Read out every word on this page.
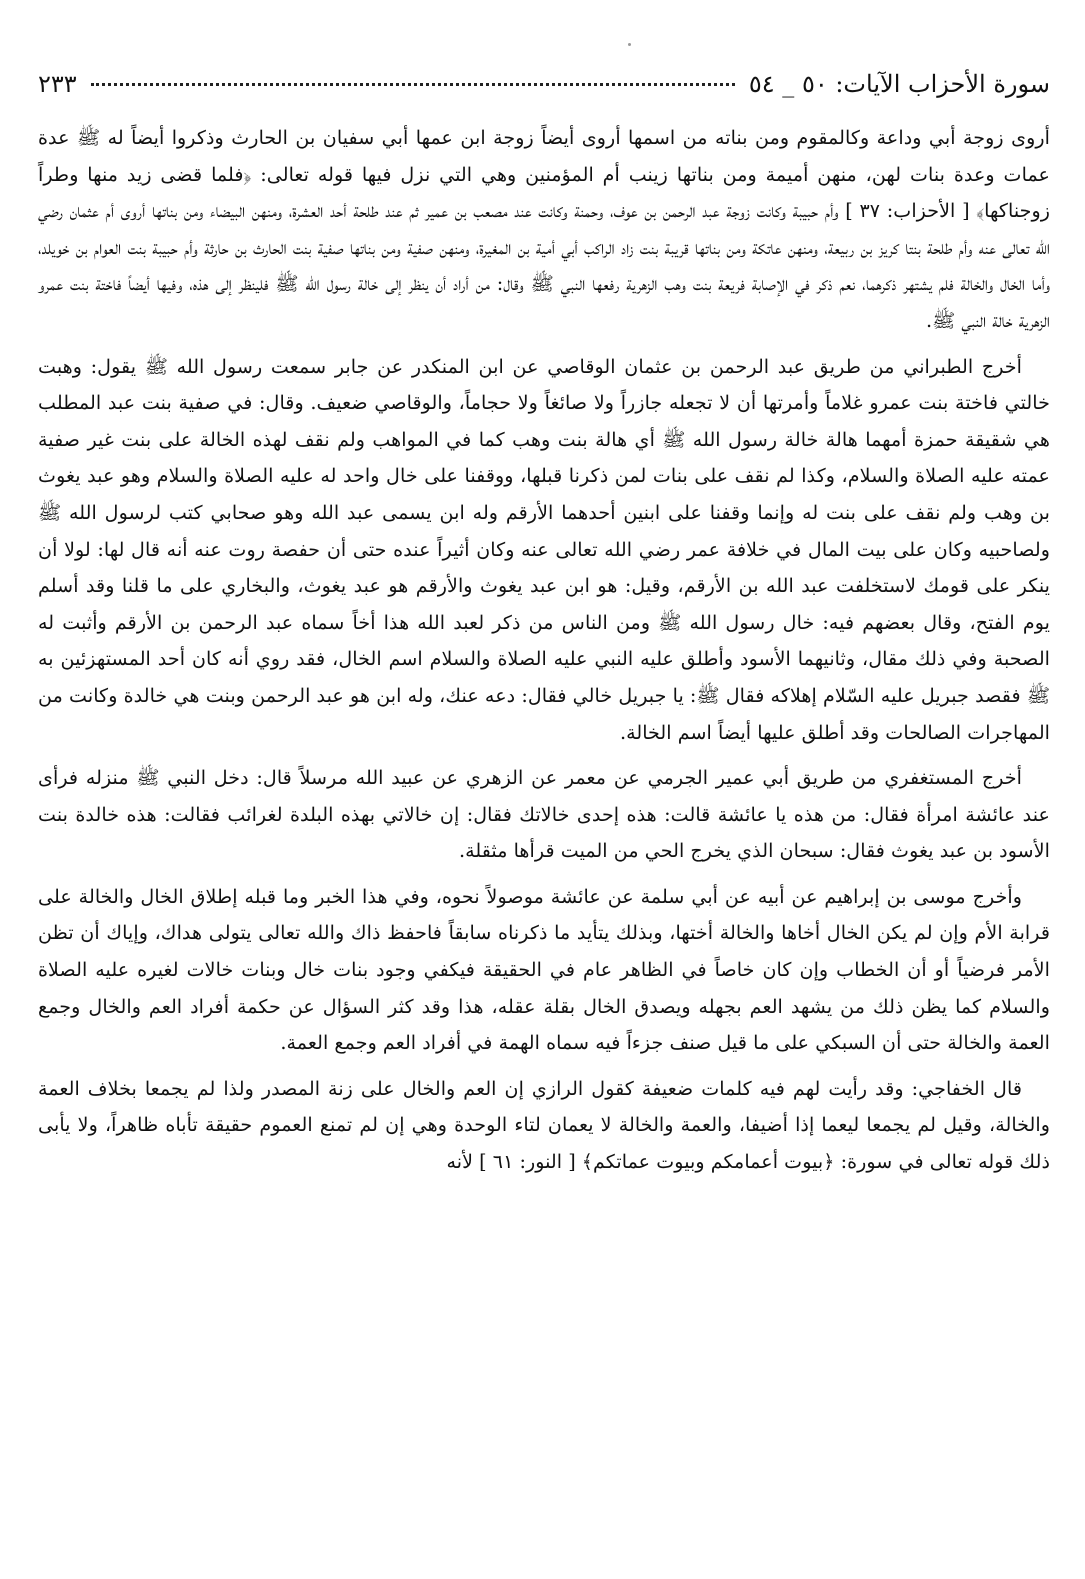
سورة الأحزاب الآيات: ٥٠ _ ٥٤
٢٣٣

أروى زوجة أبي وداعة وكالمقوم ومن بناته من اسمها أروى أيضاً زوجة ابن عمها أبي سفيان بن الحارث وذكروا أيضاً له ﷺ عدة عمات وعدة بنات لهن، منهن أميمة ومن بناتها زينب أم المؤمنين وهي التي نزل فيها قوله تعالى: ﴿فلما قضى زيد منها وطراً زوجناكها﴾ [ الأحزاب: ٣٧ ] وأم حبيبة وكانت زوجة عبد الرحمن بن عوف، وحمنة وكانت عند مصعب بن عمير ثم عند طلحة أحد العشرة، ومنهن البيضاء ومن بناتها أروى أم عثمان رضي الله تعالى عنه وأم طلحة بنتا كريز بن ربيعة، ومنهن عاتكة ومن بناتها قريبة بنت زاد الراكب أبي أمية بن المغيرة، ومنهن صفية ومن بناتها صفية بنت الحارث بن حارثة وأم حبيبة بنت العوام بن خويلد، وأما الخال والخالة فلم يشتهر ذكرهما، نعم ذكر في الإصابة فريعة بنت وهب الزهرية رفعها النبي ﷺ وقال: من أراد أن ينظر إلى خالة رسول الله ﷺ فلينظر إلى هذه، وفيها أيضاً فاختة بنت عمرو الزهرية خالة النبي ﷺ.

أخرج الطبراني من طريق عبد الرحمن بن عثمان الوقاصي عن ابن المنكدر عن جابر سمعت رسول الله ﷺ يقول: وهبت خالتي فاختة بنت عمرو غلاماً وأمرتها أن لا تجعله جازراً ولا صائغاً ولا حجاماً، والوقاصي ضعيف. وقال: في صفية بنت عبد المطلب هي شقيقة حمزة أمهما هالة خالة رسول الله ﷺ أي هالة بنت وهب كما في المواهب ولم نقف لهذه الخالة على بنت غير صفية عمته عليه الصلاة والسلام، وكذا لم نقف على بنات لمن ذكرنا قبلها، ووقفنا على خال واحد له عليه الصلاة والسلام وهو عبد يغوث بن وهب ولم نقف على بنت له وإنما وقفنا على ابنين أحدهما الأرقم وله ابن يسمى عبد الله وهو صحابي كتب لرسول الله ﷺ ولصاحبيه وكان على بيت المال في خلافة عمر رضي الله تعالى عنه وكان أثيراً عنده حتى أن حفصة روت عنه أنه قال لها: لولا أن ينكر على قومك لاستخلفت عبد الله بن الأرقم، وقيل: هو ابن عبد يغوث والأرقم هو عبد يغوث، والبخاري على ما قلنا وقد أسلم يوم الفتح، وقال بعضهم فيه: خال رسول الله ﷺ ومن الناس من ذكر لعبد الله هذا أخاً سماه عبد الرحمن بن الأرقم وأثبت له الصحبة وفي ذلك مقال، وثانيهما الأسود وأطلق عليه النبي عليه الصلاة والسلام اسم الخال، فقد روي أنه كان أحد المستهزئين به ﷺ فقصد جبريل عليه السّلام إهلاكه فقال ﷺ: يا جبريل خالي فقال: دعه عنك، وله ابن هو عبد الرحمن وبنت هي خالدة وكانت من المهاجرات الصالحات وقد أطلق عليها أيضاً اسم الخالة.

أخرج المستغفري من طريق أبي عمير الجرمي عن معمر عن الزهري عن عبيد الله مرسلاً قال: دخل النبي ﷺ منزله فرأى عند عائشة امرأة فقال: من هذه يا عائشة قالت: هذه إحدى خالاتك فقال: إن خالاتي بهذه البلدة لغرائب فقالت: هذه خالدة بنت الأسود بن عبد يغوث فقال: سبحان الذي يخرج الحي من الميت قرأها مثقلة.

وأخرج موسى بن إبراهيم عن أبيه عن أبي سلمة عن عائشة موصولاً نحوه، وفي هذا الخبر وما قبله إطلاق الخال والخالة على قرابة الأم وإن لم يكن الخال أخاها والخالة أختها، وبذلك يتأيد ما ذكرناه سابقاً فاحفظ ذاك والله تعالى يتولى هداك، وإياك أن تظن الأمر فرضياً أو أن الخطاب وإن كان خاصاً في الظاهر عام في الحقيقة فيكفي وجود بنات خال وبنات خالات لغيره عليه الصلاة والسلام كما يظن ذلك من يشهد العم بجهله ويصدق الخال بقلة عقله، هذا وقد كثر السؤال عن حكمة أفراد العم والخال وجمع العمة والخالة حتى أن السبكي على ما قيل صنف جزءاً فيه سماه الهمة في أفراد العم وجمع العمة.

قال الخفاجي: وقد رأيت لهم فيه كلمات ضعيفة كقول الرازي إن العم والخال على زنة المصدر ولذا لم يجمعا بخلاف العمة والخالة، وقيل لم يجمعا ليعما إذا أضيفا، والعمة والخالة لا يعمان لتاء الوحدة وهي إن لم تمنع العموم حقيقة تأباه ظاهراً، ولا يأبى ذلك قوله تعالى في سورة: ﴿بيوت أعمامكم وبيوت عماتكم﴾ [ النور: ٦١ ] لأنه
